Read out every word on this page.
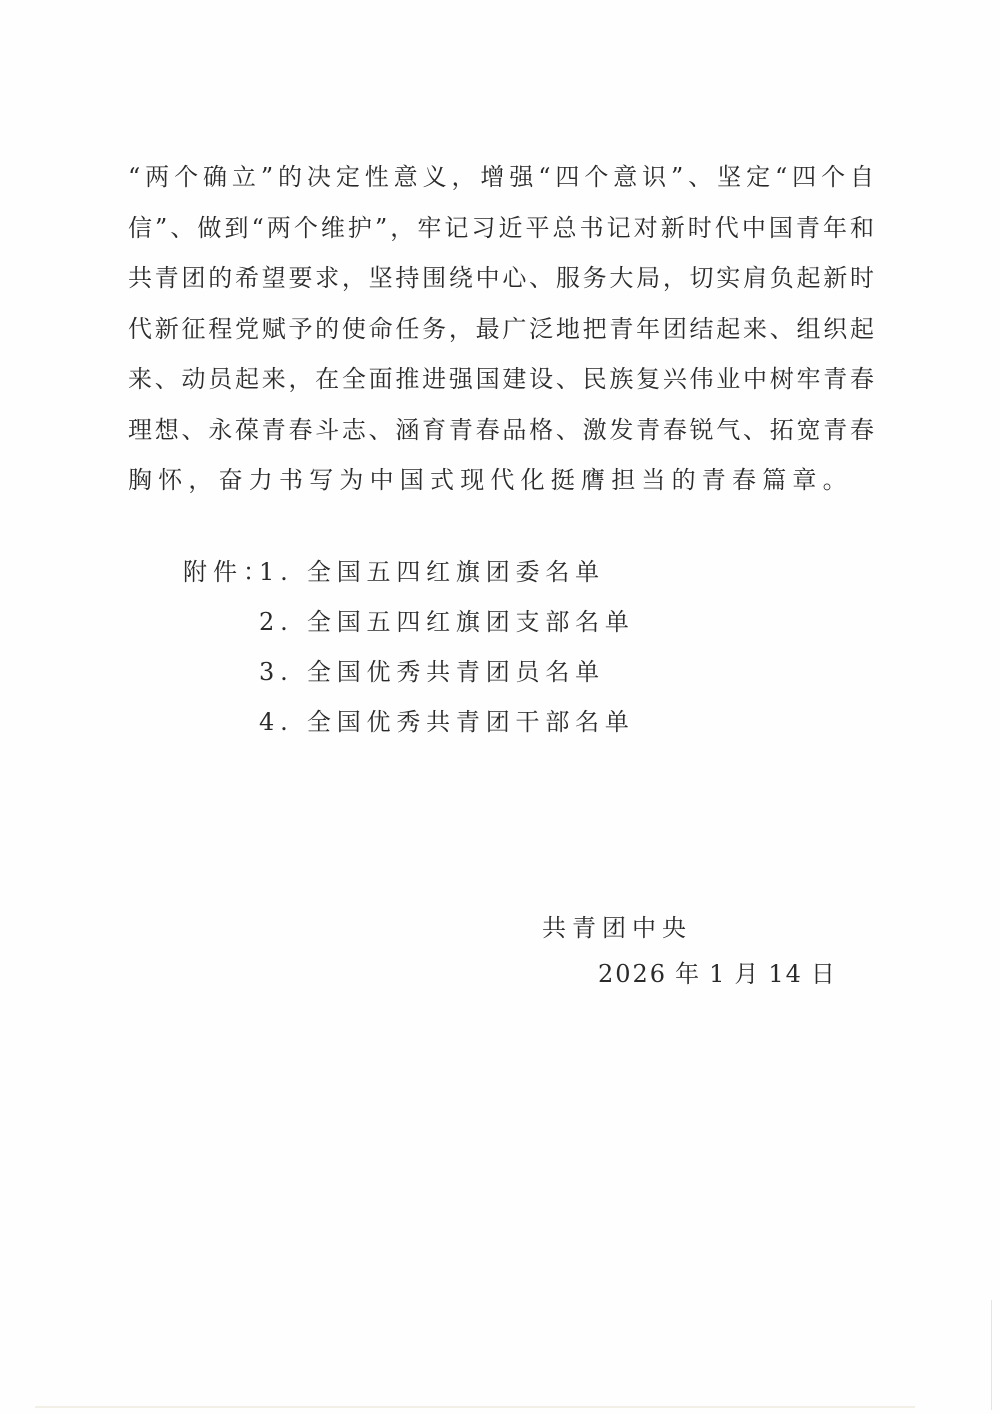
“两个确立”的决定性意义，增强“四个意识”、坚定“四个自
信”、做到“两个维护”，牢记习近平总书记对新时代中国青年和
共青团的希望要求，坚持围绕中心、服务大局，切实肩负起新时
代新征程党赋予的使命任务，最广泛地把青年团结起来、组织起
来、动员起来，在全面推进强国建设、民族复兴伟业中树牢青春
理想、永葆青春斗志、涵育青春品格、激发青春锐气、拓宽青春
胸怀，奋力书写为中国式现代化挺膺担当的青春篇章。
附件：1. 全国五四红旗团委名单
2. 全国五四红旗团支部名单
3. 全国优秀共青团员名单
4. 全国优秀共青团干部名单
共青团中央
2026 年 1 月 14 日
